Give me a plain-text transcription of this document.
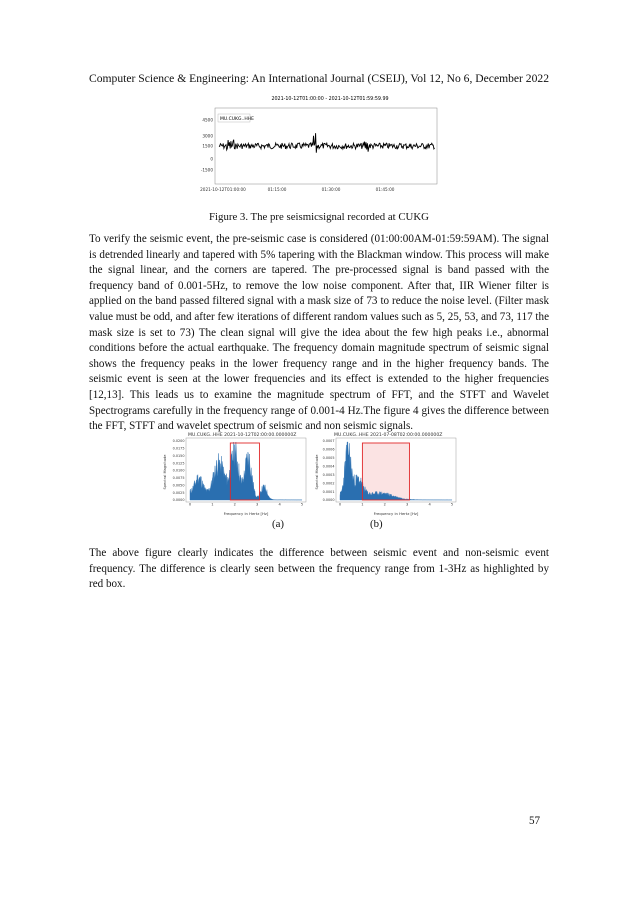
Computer Science & Engineering: An International Journal (CSEIJ), Vol 12, No 6, December 2022
2021-10-12T01:00:00 - 2021-10-12T01:59:59.99
MU.CUKG..HHE
4500
3000
1500
0
-1500
2021-10-12T01:00:00	01:15:00	01:30:00	01:45:00
Figure 3. The pre seismicsignal recorded at CUKG
To verify the seismic event, the pre-seismic case is considered (01:00:00AM-01:59:59AM). The signal is detrended linearly and tapered with 5% tapering with the Blackman window. This process will make the signal linear, and the corners are tapered. The pre-processed signal is band passed with the frequency band of 0.001-5Hz, to remove the low noise component. After that, IIR Wiener filter is applied on the band passed filtered signal with a mask size of 73 to reduce the noise level. (Filter mask value must be odd, and after few iterations of different random values such as 5, 25, 53, and 73, 117 the mask size is set to 73) The clean signal will give the idea about the few high peaks i.e., abnormal conditions before the actual earthquake. The frequency domain magnitude spectrum of seismic signal shows the frequency peaks in the lower frequency range and in the higher frequency bands. The seismic event is seen at the lower frequencies and its effect is extended to the higher frequencies [12,13]. This leads us to examine the magnitude spectrum of FFT, and the STFT and Wavelet Spectrograms carefully in the frequency range of 0.001-4 Hz.The figure 4 gives the difference between the FFT, STFT and wavelet spectrum of seismic and non seismic signals.
MU.CUKG..HHE 2021-10-12T02:00:00.000000Z
Spectral Magnitude
Frequency in Hertz [Hz]
0.0200
0.0175
0.0150
0.0125
0.0100
0.0075
0.0050
0.0025
0.0000
0	1	2	3	4	5
MU.CUKG..HHE 2021-07-08T02:00:00.000000Z
Spectral Magnitude
Frequency in Hertz [Hz]
0.0007
0.0006
0.0005
0.0004
0.0003
0.0002
0.0001
0.0000
0	1	2	3	4	5
(a)	(b)
The above figure clearly indicates the difference between seismic event and non-seismic event frequency. The difference is clearly seen between the frequency range from 1-3Hz as highlighted by red box.
57
